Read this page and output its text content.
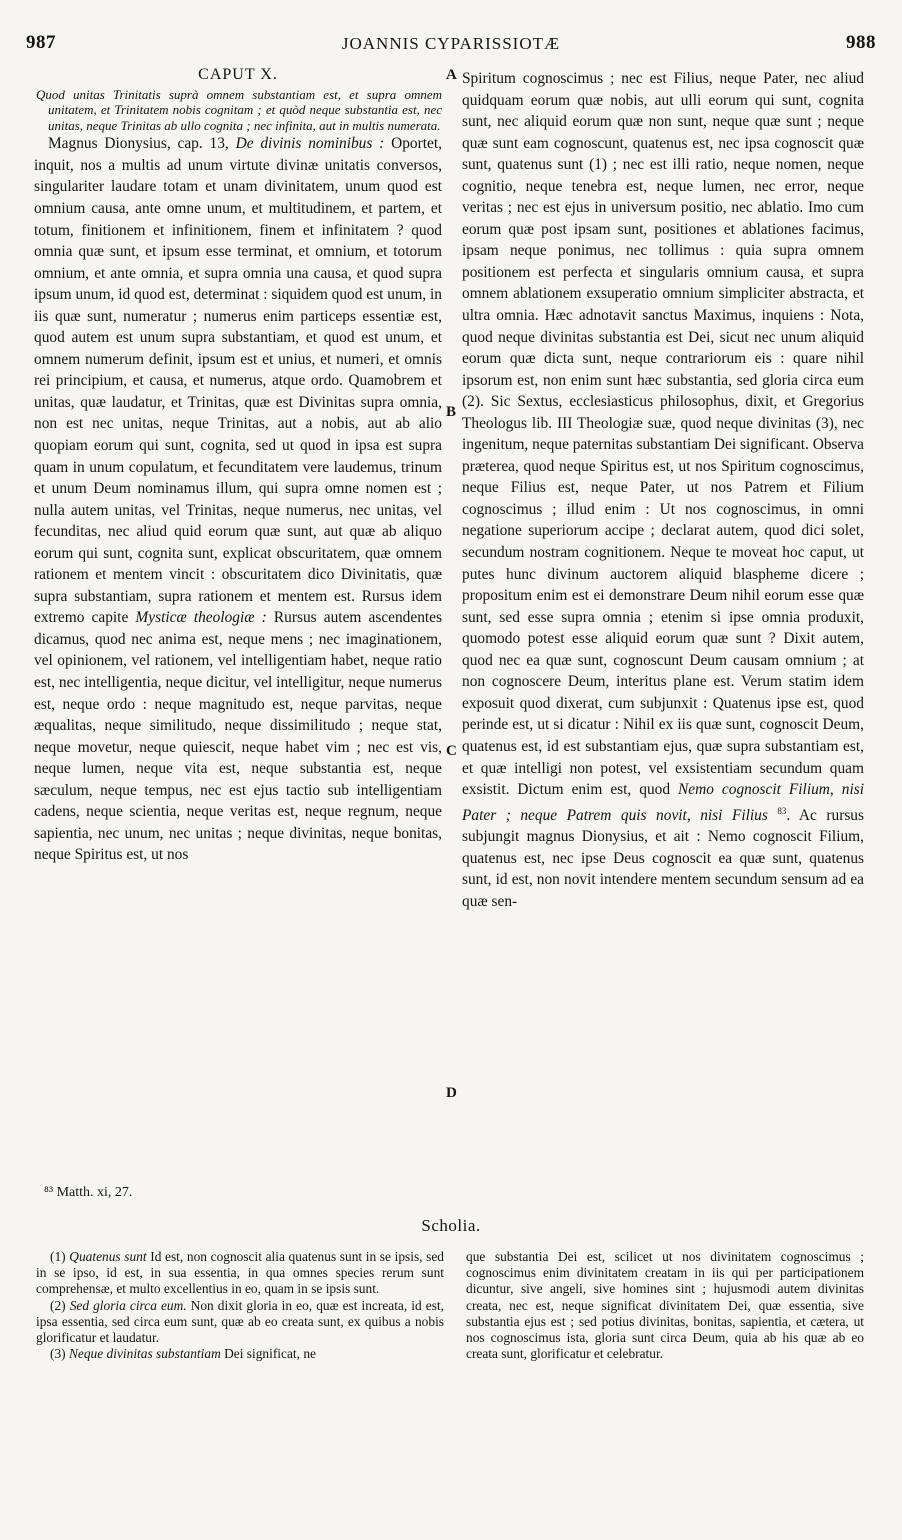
987	JOANNIS CYPARISSIOTÆ	988
CAPUT X.

Quod unitas Trinitatis suprà omnem substantiam est, et supra omnem unitatem, et Trinitatem nobis cognitam ; et quòd neque substantia est, nec unitas, neque Trinitas ab ullo cognita ; nec infinita, aut in multis numerata.

Magnus Dionysius, cap. 13, De divinis nominibus : Oportet, inquit, nos a multis ad unum virtute divinæ unitatis conversos, singulariter laudare totam et unam divinitatem, unum quod est omnium causa, ante omne unum, et multitudinem, et partem, et totum, finitionem et infinitionem, finem et infinitatem ? quod omnia quæ sunt, et ipsum esse terminat, et omnium, et totorum omnium, et ante omnia, et supra omnia una causa, et quod supra ipsum unum, id quod est, determinat : siquidem quod est unum, in iis quæ sunt, numeratur ; numerus enim particeps essentiæ est, quod autem est unum supra substantiam, et quod est unum, et omnem numerum definit, ipsum est et unius, et numeri, et omnis rei principium, et causa, et numerus, atque ordo. Quamobrem et unitas, quæ laudatur, et Trinitas, quæ est Divinitas supra omnia, non est nec unitas, neque Trinitas, aut a nobis, aut ab alio quopiam eorum qui sunt, cognita, sed ut quod in ipsa est supra quam in unum copulatum, et fecunditatem vere laudemus, trinum et unum Deum nominamus illum, qui supra omne nomen est ; nulla autem unitas, vel Trinitas, neque numerus, nec unitas, vel fecunditas, nec aliud quid eorum quæ sunt, aut quæ ab aliquo eorum qui sunt, cognita sunt, explicat obscuritatem, quæ omnem rationem et mentem vincit : obscuritatem dico Divinitatis, quæ supra substantiam, supra rationem et mentem est. Rursus idem extremo capite Mysticæ theologiæ : Rursus autem ascendentes dicamus, quod nec anima est, neque mens ; nec imaginationem, vel opinionem, vel rationem, vel intelligentiam habet, neque ratio est, nec intelligentia, neque dicitur, vel intelligitur, neque numerus est, neque ordo : neque magnitudo est, neque parvitas, neque æqualitas, neque similitudo, neque dissimilitudo ; neque stat, neque movetur, neque quiescit, neque habet vim ; nec est vis, neque lumen, neque vita est, neque substantia est, neque sæculum, neque tempus, nec est ejus tactio sub intelligentiam cadens, neque scientia, neque veritas est, neque regnum, neque sapientia, nec unum, nec unitas ; neque divinitas, neque bonitas, neque Spiritus est, ut nos

A
B
C
D

Spiritum cognoscimus ; nec est Filius, neque Pater, nec aliud quidquam eorum quæ nobis, aut ulli eorum qui sunt, cognita sunt, nec aliquid eorum quæ non sunt, neque quæ sunt ; neque quæ sunt eam cognoscunt, quatenus est, nec ipsa cognoscit quæ sunt, quatenus sunt (1) ; nec est illi ratio, neque nomen, neque cognitio, neque tenebra est, neque lumen, nec error, neque veritas ; nec est ejus in universum positio, nec ablatio. Imo cum eorum quæ post ipsam sunt, positiones et ablationes facimus, ipsam neque ponimus, nec tollimus : quia supra omnem positionem est perfecta et singularis omnium causa, et supra omnem ablationem exsuperatio omnium simpliciter abstracta, et ultra omnia. Hæc adnotavit sanctus Maximus, inquiens : Nota, quod neque divinitas substantia est Dei, sicut nec unum aliquid eorum quæ dicta sunt, neque contrariorum eis : quare nihil ipsorum est, non enim sunt hæc substantia, sed gloria circa eum (2). Sic Sextus, ecclesiasticus philosophus, dixit, et Gregorius Theologus lib. III Theologiæ suæ, quod neque divinitas (3), nec ingenitum, neque paternitas substantiam Dei significant. Observa præterea, quod neque Spiritus est, ut nos Spiritum cognoscimus, neque Filius est, neque Pater, ut nos Patrem et Filium cognoscimus ; illud enim : Ut nos cognoscimus, in omni negatione superiorum accipe ; declarat autem, quod dici solet, secundum nostram cognitionem. Neque te moveat hoc caput, ut putes hunc divinum auctorem aliquid blaspheme dicere ; propositum enim est ei demonstrare Deum nihil eorum esse quæ sunt, sed esse supra omnia ; etenim si ipse omnia produxit, quomodo potest esse aliquid eorum quæ sunt ? Dixit autem, quod nec ea quæ sunt, cognoscunt Deum causam omnium ; at non cognoscere Deum, interitus plane est. Verum statim idem exposuit quod dixerat, cum subjunxit : Quatenus ipse est, quod perinde est, ut si dicatur : Nihil ex iis quæ sunt, cognoscit Deum, quatenus est, id est substantiam ejus, quæ supra substantiam est, et quæ intelligi non potest, vel exsistentiam secundum quam exsistit. Dictum enim est, quod Nemo cognoscit Filium, nisi Pater ; neque Patrem quis novit, nisi Filius $^{83}$. Ac rursus subjungit magnus Dionysius, et ait : Nemo cognoscit Filium, quatenus est, nec ipse Deus cognoscit ea quæ sunt, quatenus sunt, id est, non novit intendere mentem secundum sensum ad ea quæ sen-

⁸³ Matth. xi, 27.
Scholia.

(1) Quatenus sunt Id est, non cognoscit alia quatenus sunt in se ipsis, sed in se ipso, id est, in sua essentia, in qua omnes species rerum sunt comprehensæ, et multo excellentius in eo, quam in se ipsis sunt.

(2) Sed gloria circa eum. Non dixit gloria in eo, quæ est increata, id est, ipsa essentia, sed circa eum sunt, quæ ab eo creata sunt, ex quibus a nobis glorificatur et laudatur.

(3) Neque divinitas substantiam Dei significat, ne

que substantia Dei est, scilicet ut nos divinitatem cognoscimus ; cognoscimus enim divinitatem creatam in iis qui per participationem dicuntur, sive angeli, sive homines sint ; hujusmodi autem divinitas creata, nec est, neque significat divinitatem Dei, quæ essentia, sive substantia ejus est ; sed potius divinitas, bonitas, sapientia, et cætera, ut nos cognoscimus ista, gloria sunt circa Deum, quia ab his quæ ab eo creata sunt, glorificatur et celebratur.
